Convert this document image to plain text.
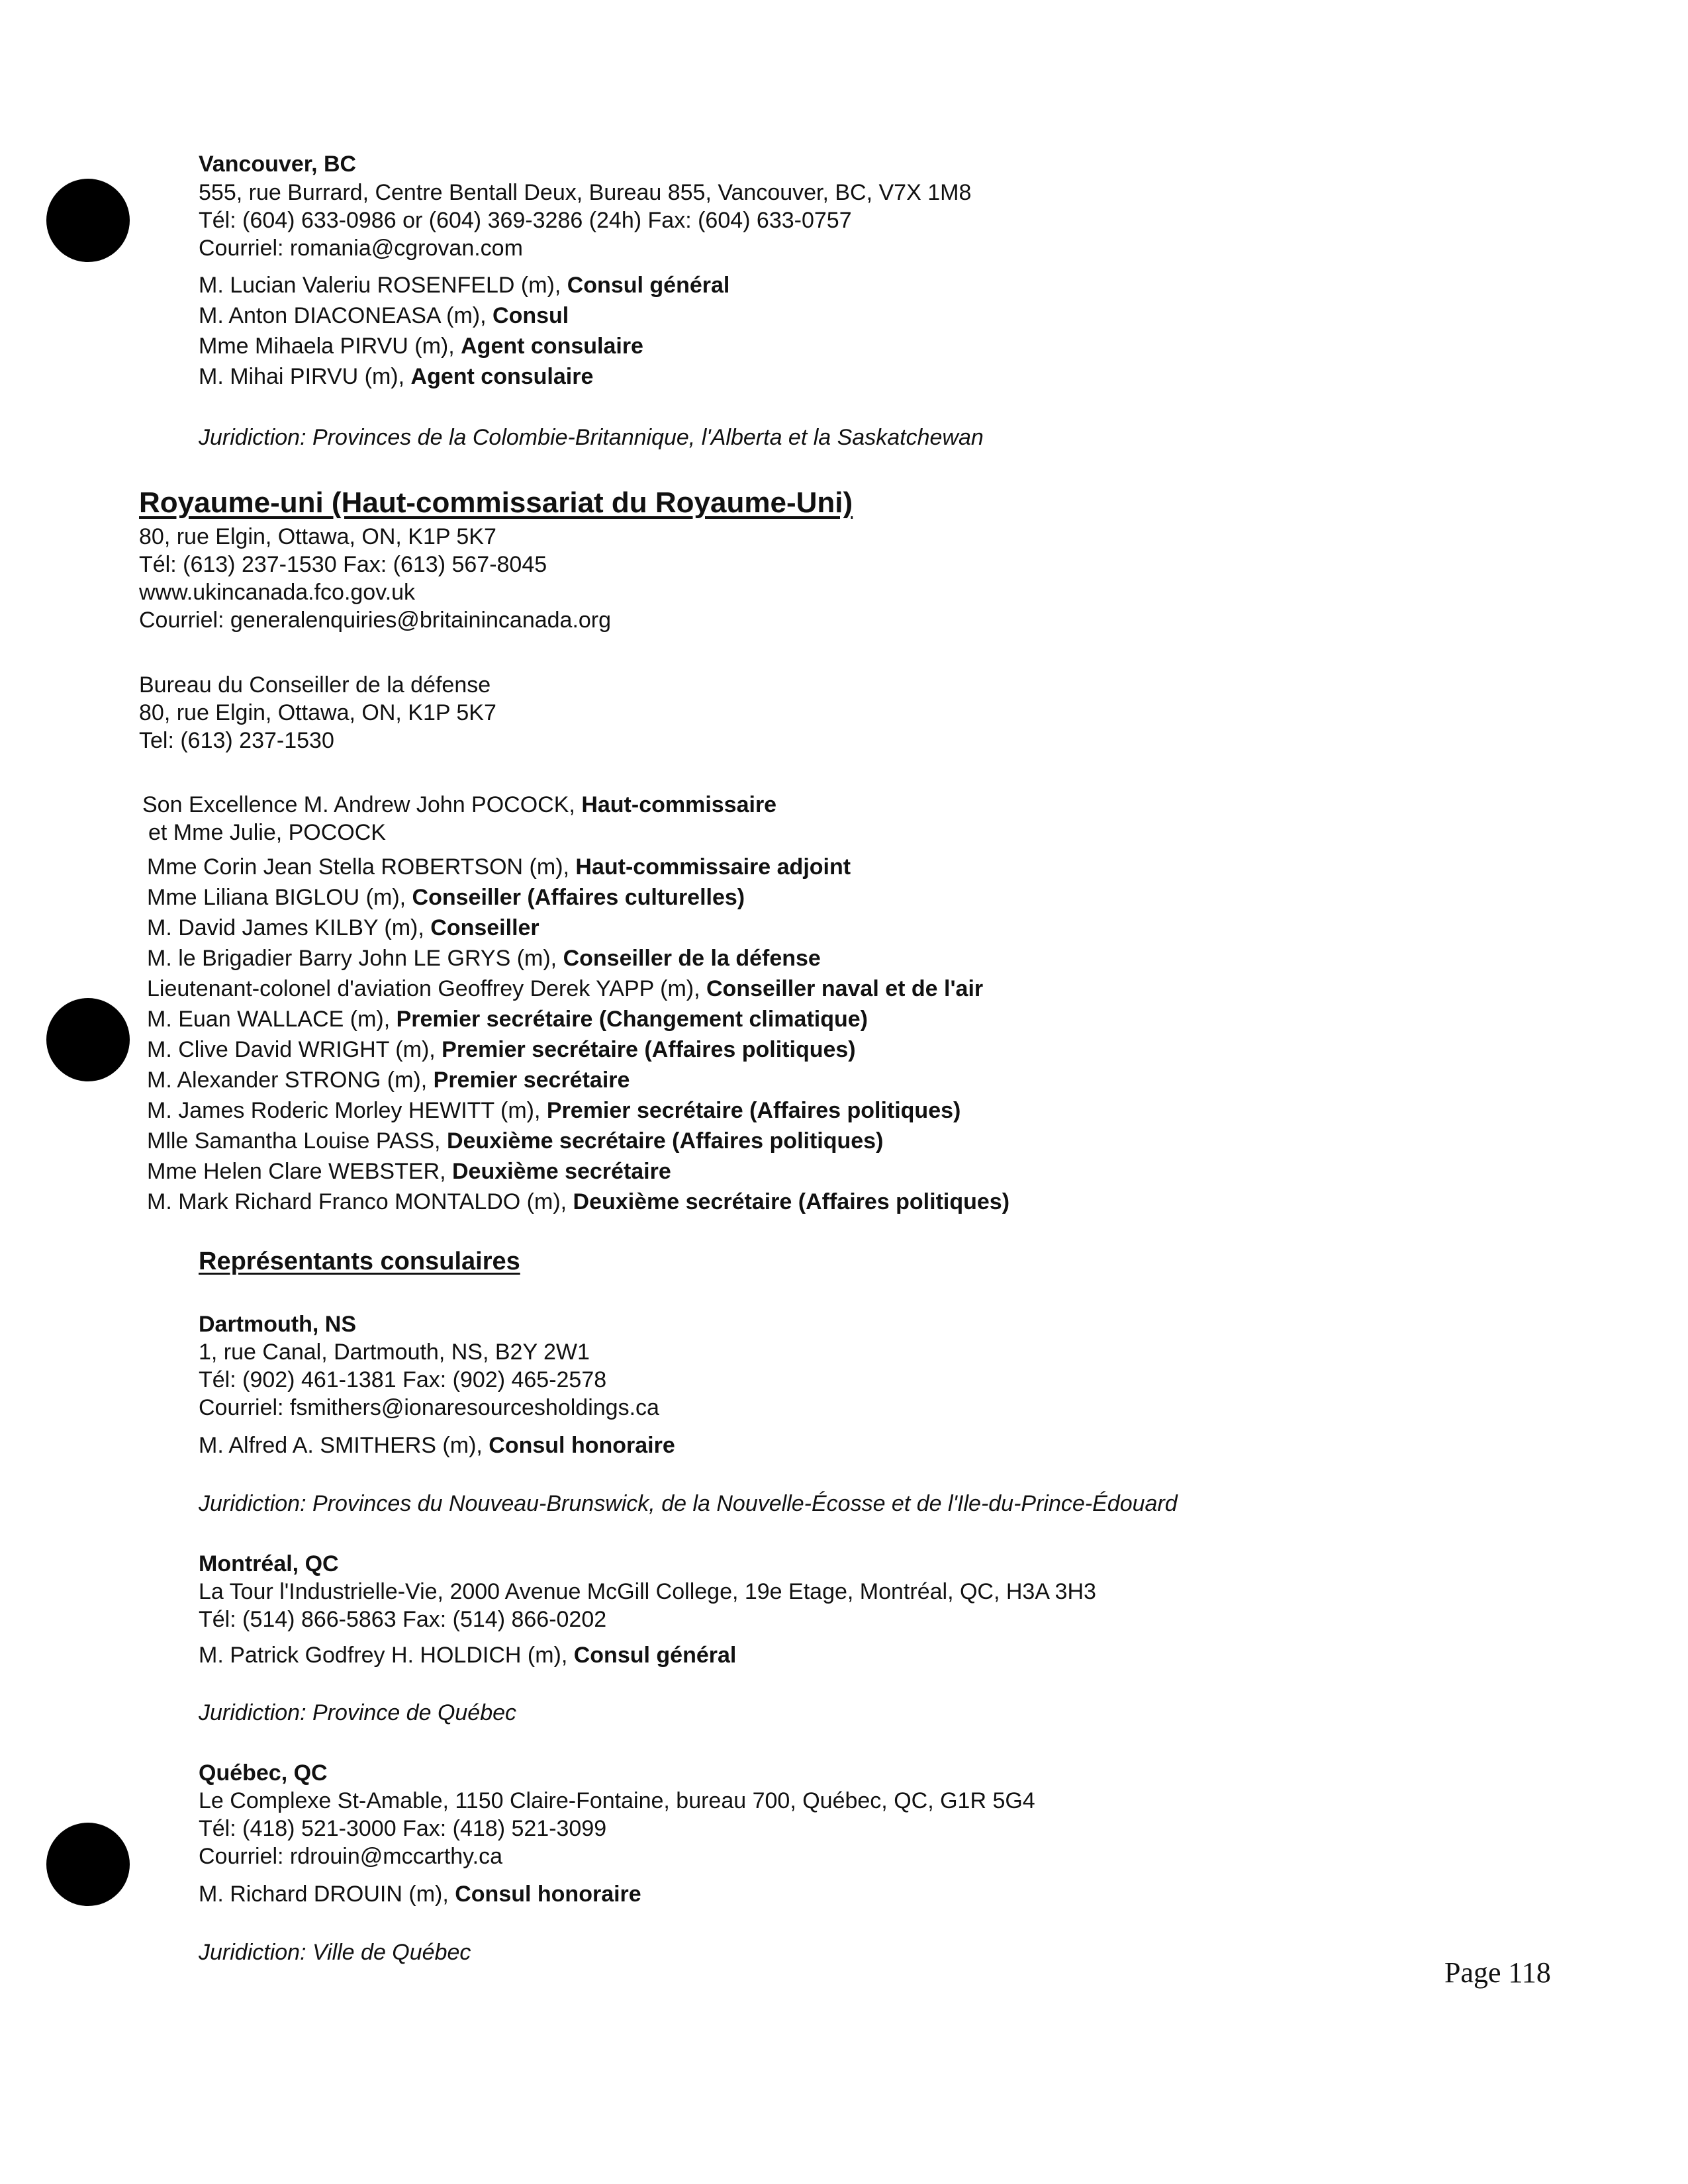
Vancouver, BC
555, rue Burrard, Centre Bentall Deux, Bureau 855, Vancouver, BC, V7X 1M8
Tél: (604) 633-0986 or (604) 369-3286 (24h) Fax: (604) 633-0757
Courriel: romania@cgrovan.com
M. Lucian Valeriu ROSENFELD (m), Consul général
M. Anton DIACONEASA (m), Consul
Mme Mihaela PIRVU (m), Agent consulaire
M. Mihai PIRVU (m), Agent consulaire
Juridiction: Provinces de la Colombie-Britannique, l'Alberta et la Saskatchewan
Royaume-uni (Haut-commissariat du Royaume-Uni)
80, rue Elgin, Ottawa, ON, K1P 5K7
Tél: (613) 237-1530 Fax: (613) 567-8045
www.ukincanada.fco.gov.uk
Courriel: generalenquiries@britainincanada.org
Bureau du Conseiller de la défense
80, rue Elgin, Ottawa, ON, K1P 5K7
Tel: (613) 237-1530
Son Excellence M. Andrew John POCOCK, Haut-commissaire
et Mme Julie, POCOCK
Mme Corin Jean Stella ROBERTSON (m), Haut-commissaire adjoint
Mme Liliana BIGLOU (m), Conseiller (Affaires culturelles)
M. David James KILBY (m), Conseiller
M. le Brigadier Barry John LE GRYS (m), Conseiller de la défense
Lieutenant-colonel d'aviation Geoffrey Derek YAPP (m), Conseiller naval et de l'air
M. Euan WALLACE (m), Premier secrétaire (Changement climatique)
M. Clive David WRIGHT (m), Premier secrétaire (Affaires politiques)
M. Alexander STRONG (m), Premier secrétaire
M. James Roderic Morley HEWITT (m), Premier secrétaire (Affaires politiques)
Mlle Samantha Louise PASS, Deuxième secrétaire (Affaires politiques)
Mme Helen Clare WEBSTER, Deuxième secrétaire
M. Mark Richard Franco MONTALDO (m), Deuxième secrétaire (Affaires politiques)
Représentants consulaires
Dartmouth, NS
1, rue Canal, Dartmouth, NS, B2Y 2W1
Tél: (902) 461-1381 Fax: (902) 465-2578
Courriel: fsmithers@ionaresourcesholdings.ca
M. Alfred A. SMITHERS (m), Consul honoraire
Juridiction: Provinces du Nouveau-Brunswick, de la Nouvelle-Écosse et de l'Ile-du-Prince-Édouard
Montréal, QC
La Tour l'Industrielle-Vie, 2000 Avenue McGill College, 19e Etage, Montréal, QC, H3A 3H3
Tél: (514) 866-5863 Fax: (514) 866-0202
M. Patrick Godfrey H. HOLDICH (m), Consul général
Juridiction: Province de Québec
Québec, QC
Le Complexe St-Amable, 1150 Claire-Fontaine, bureau 700, Québec, QC, G1R 5G4
Tél: (418) 521-3000 Fax: (418) 521-3099
Courriel: rdrouin@mccarthy.ca
M. Richard DROUIN (m), Consul honoraire
Juridiction: Ville de Québec
Page 118
